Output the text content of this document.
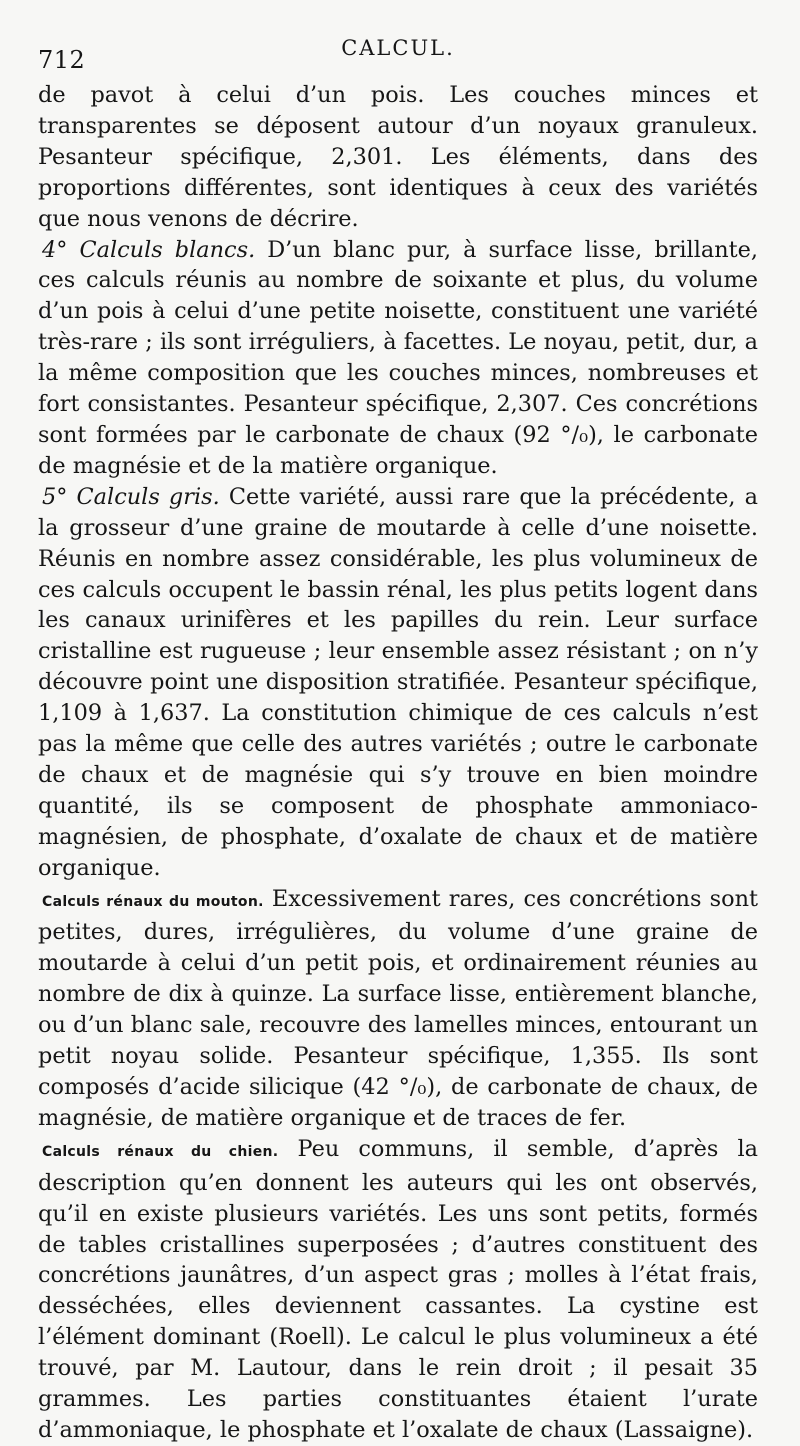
712	CALCUL.

de pavot à celui d’un pois. Les couches minces et transparentes se déposent autour d’un noyaux granuleux. Pesanteur spécifique, 2,301. Les éléments, dans des proportions différentes, sont identiques à ceux des variétés que nous venons de décrire.

4° Calculs blancs. D’un blanc pur, à surface lisse, brillante, ces calculs réunis au nombre de soixante et plus, du volume d’un pois à celui d’une petite noisette, constituent une variété très-rare ; ils sont irréguliers, à facettes. Le noyau, petit, dur, a la même composition que les couches minces, nombreuses et fort consistantes. Pesanteur spécifique, 2,307. Ces concrétions sont formées par le carbonate de chaux (92 °/₀), le carbonate de magnésie et de la matière organique.

5° Calculs gris. Cette variété, aussi rare que la précédente, a la grosseur d’une graine de moutarde à celle d’une noisette. Réunis en nombre assez considérable, les plus volumineux de ces calculs occupent le bassin rénal, les plus petits logent dans les canaux urinifères et les papilles du rein. Leur surface cristalline est rugueuse ; leur ensemble assez résistant ; on n’y découvre point une disposition stratifiée. Pesanteur spécifique, 1,109 à 1,637. La constitution chimique de ces calculs n’est pas la même que celle des autres variétés ; outre le carbonate de chaux et de magnésie qui s’y trouve en bien moindre quantité, ils se composent de phosphate ammoniaco-magnésien, de phosphate, d’oxalate de chaux et de matière organique.

Calculs rénaux du mouton. Excessivement rares, ces concrétions sont petites, dures, irrégulières, du volume d’une graine de moutarde à celui d’un petit pois, et ordinairement réunies au nombre de dix à quinze. La surface lisse, entièrement blanche, ou d’un blanc sale, recouvre des lamelles minces, entourant un petit noyau solide. Pesanteur spécifique, 1,355. Ils sont composés d’acide silicique (42 °/₀), de carbonate de chaux, de magnésie, de matière organique et de traces de fer.

Calculs rénaux du chien. Peu communs, il semble, d’après la description qu’en donnent les auteurs qui les ont observés, qu’il en existe plusieurs variétés. Les uns sont petits, formés de tables cristallines superposées ; d’autres constituent des concrétions jaunâtres, d’un aspect gras ; molles à l’état frais, desséchées, elles deviennent cassantes. La cystine est l’élément dominant (Roell). Le calcul le plus volumineux a été trouvé, par M. Lautour, dans le rein droit ; il pesait 35 grammes. Les parties constituantes étaient l’urate d’ammoniaque, le phosphate et l’oxalate de chaux (Lassaigne).
